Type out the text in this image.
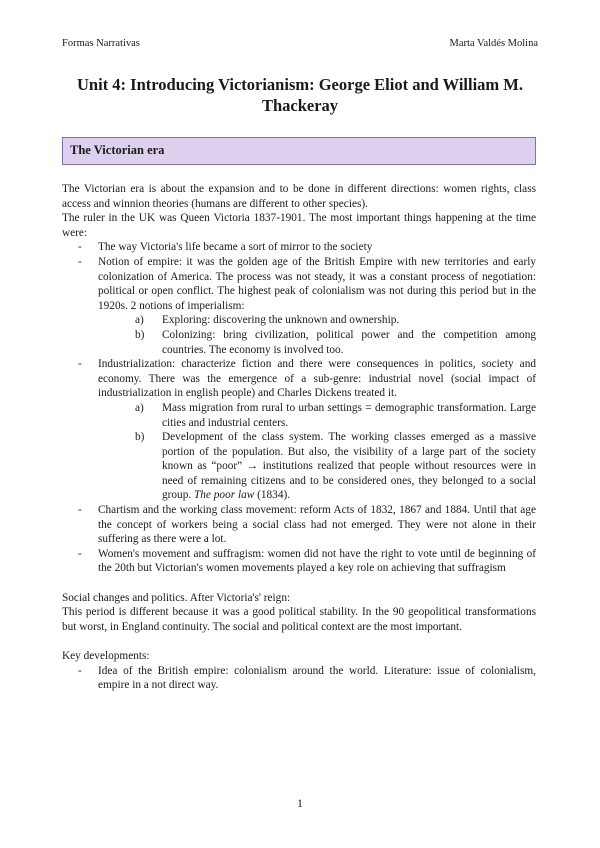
Formas Narrativas	Marta Valdés Molina
Unit 4: Introducing Victorianism: George Eliot and William M. Thackeray
The Victorian era

The Victorian era is about the expansion and to be done in different directions: women rights, class access and winnion theories (humans are different to other species).

The ruler in the UK was Queen Victoria 1837-1901. The most important things happening at the time were:

- The way Victoria's life became a sort of mirror to the society
- Notion of empire: it was the golden age of the British Empire with new territories and early colonization of America. The process was not steady, it was a constant process of negotiation: political or open conflict. The highest peak of colonialism was not during this period but in the 1920s. 2 notions of imperialism:
a) Exploring: discovering the unknown and ownership.
b) Colonizing: bring civilization, political power and the competition among countries. The economy is involved too.
- Industrialization: characterize fiction and there were consequences in politics, society and economy. There was the emergence of a sub-genre: industrial novel (social impact of industrialization in english people) and Charles Dickens treated it.
a) Mass migration from rural to urban settings = demographic transformation. Large cities and industrial centers.
b) Development of the class system. The working classes emerged as a massive portion of the population. But also, the visibility of a large part of the society known as “poor” → institutions realized that people without resources were in need of remaining citizens and to be considered ones, they belonged to a social group. The poor law (1834).
- Chartism and the working class movement: reform Acts of 1832, 1867 and 1884. Until that age the concept of workers being a social class had not emerged. They were not alone in their suffering as there were a lot.
- Women's movement and suffragism: women did not have the right to vote until de beginning of the 20th but Victorian's women movements played a key role on achieving that suffragism

Social changes and politics. After Victoria's' reign:

This period is different because it was a good political stability. In the 90 geopolitical transformations but worst, in England continuity. The social and political context are the most important.

Key developments:

- Idea of the British empire: colonialism around the world. Literature: issue of colonialism, empire in a not direct way.
1
